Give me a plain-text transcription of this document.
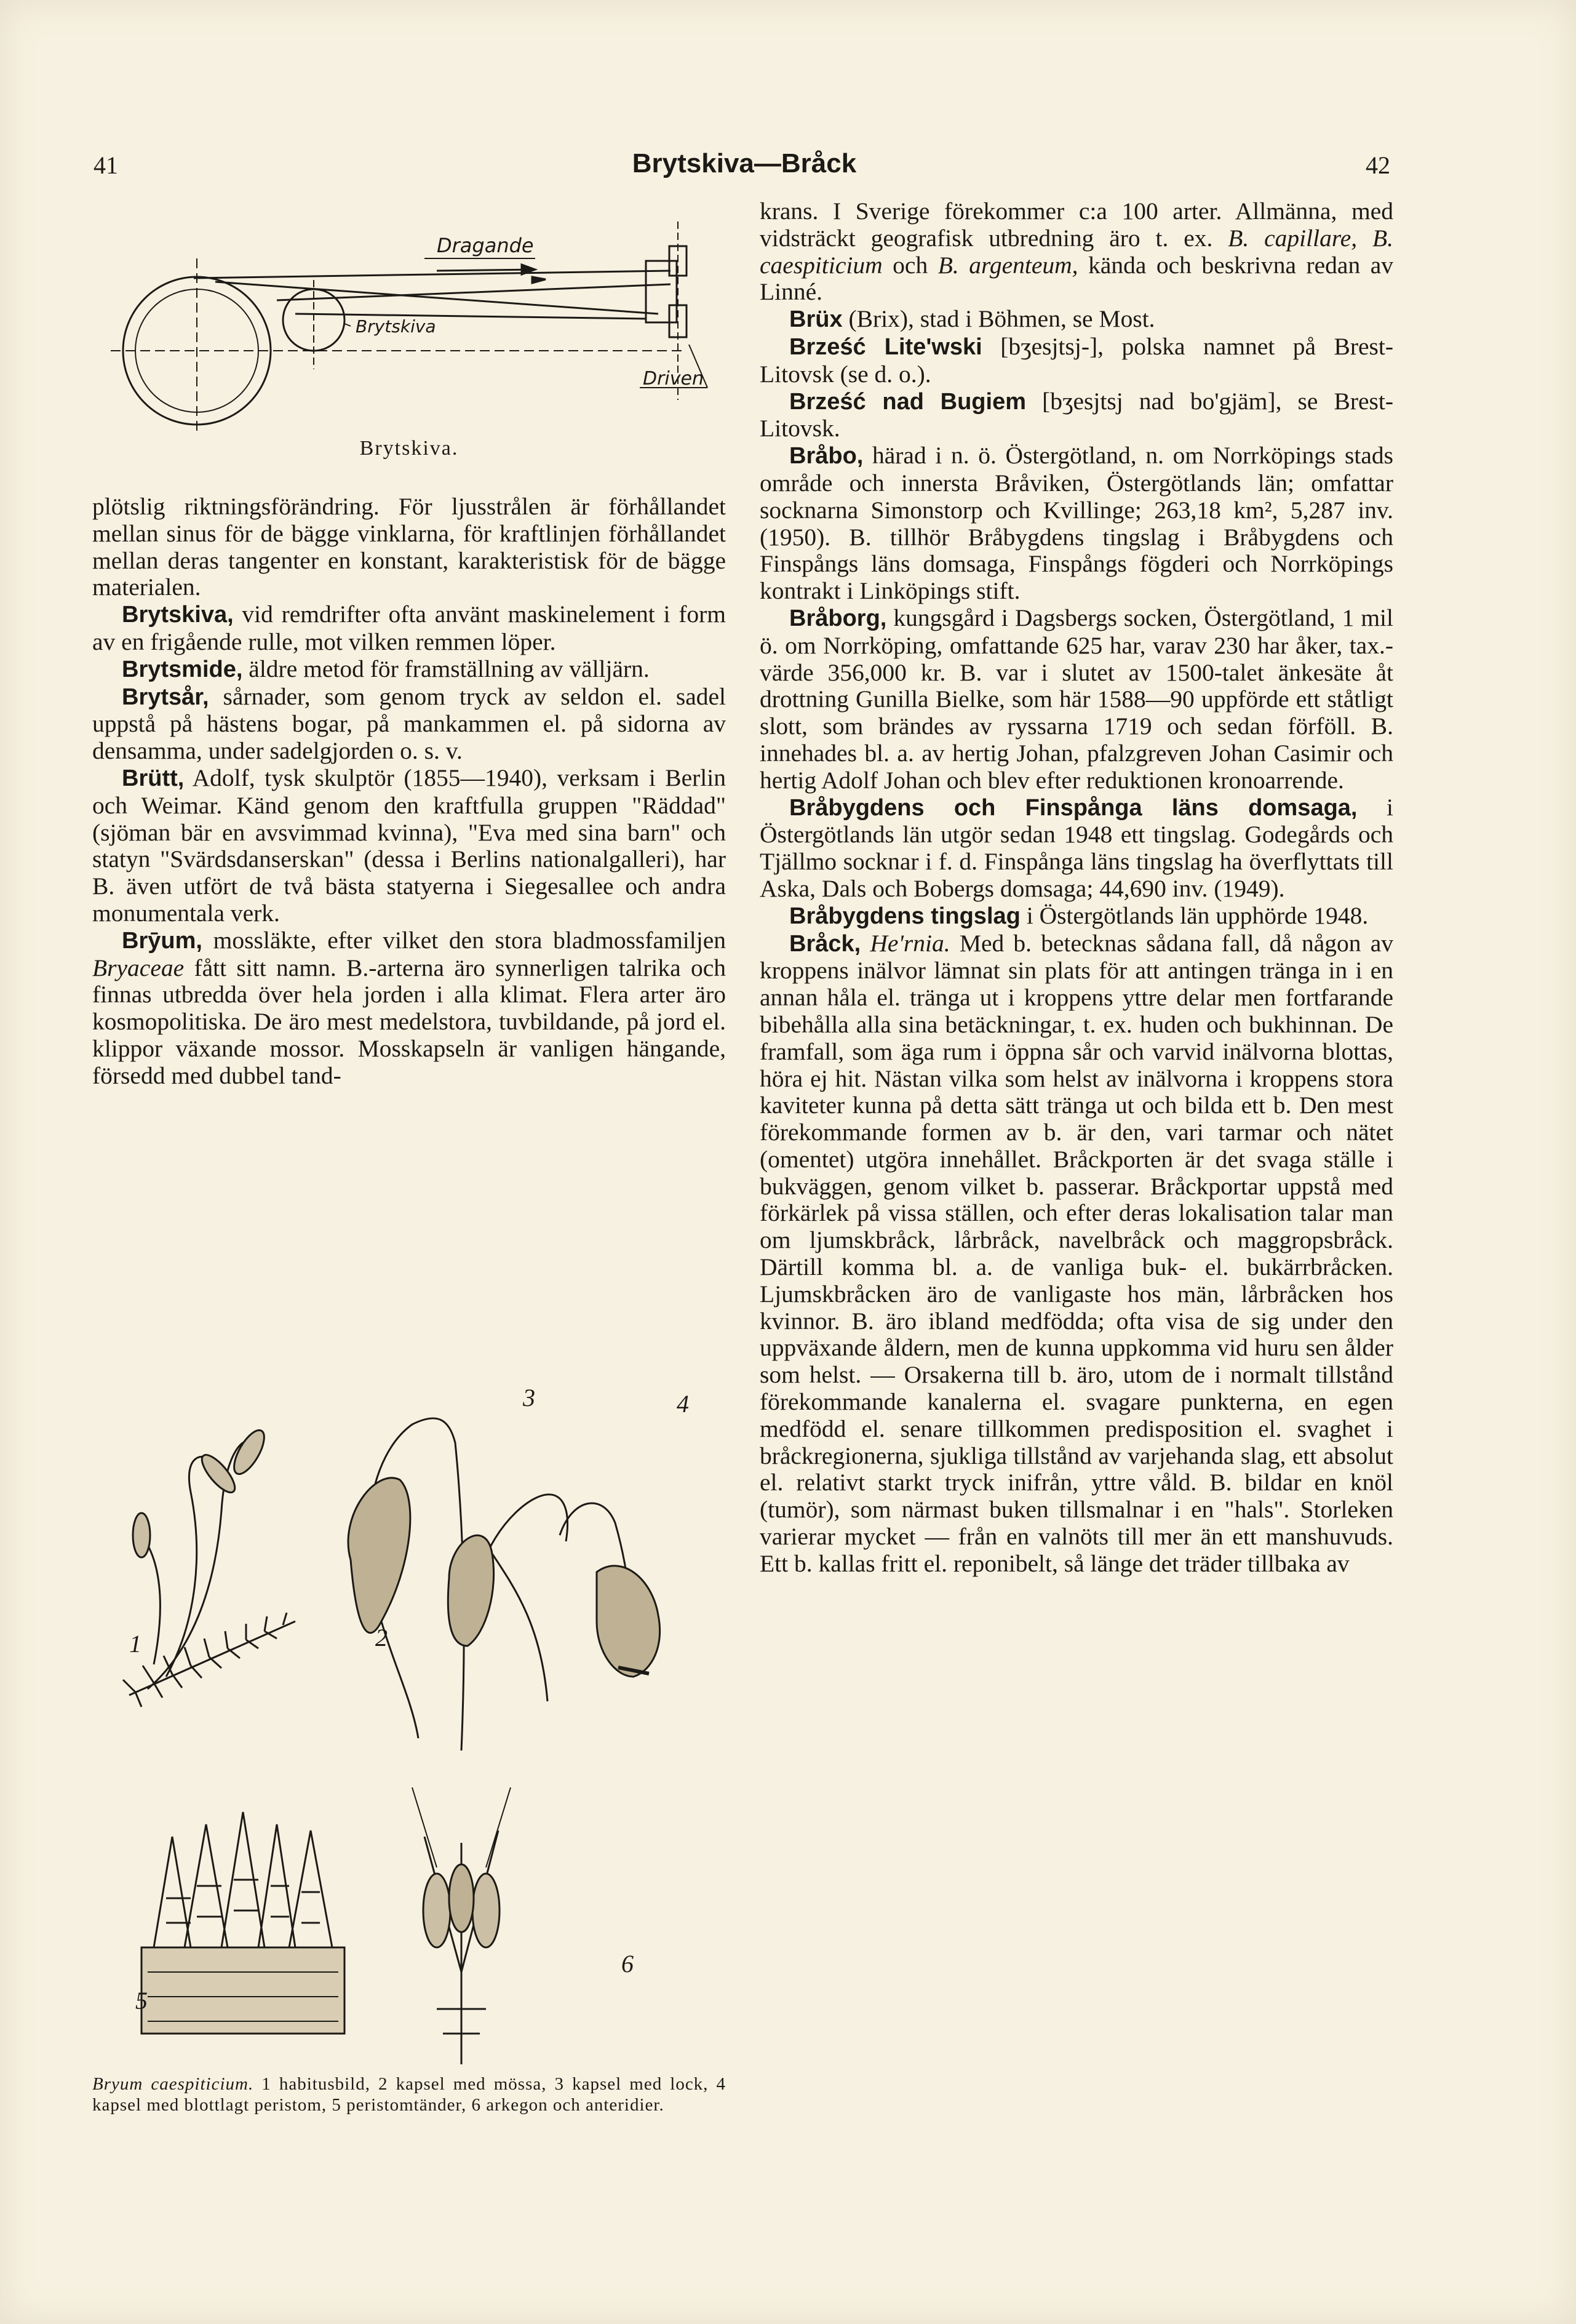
41	Brytskiva—Bråck	42
Dragande
Brytskiva
Driven
Brytskiva.

plötslig riktningsförändring. För ljusstrålen är förhållandet mellan sinus för de bägge vinklarna, för kraftlinjen förhållandet mellan deras tangenter en konstant, karakteristisk för de bägge materialen.

Brytskiva, vid remdrifter ofta använt maskinelement i form av en frigående rulle, mot vilken remmen löper.

Brytsmide, äldre metod för framställning av välljärn.

Brytsår, sårnader, som genom tryck av seldon el. sadel uppstå på hästens bogar, på mankammen el. på sidorna av densamma, under sadelgjorden o. s. v.

Brütt, Adolf, tysk skulptör (1855—1940), verksam i Berlin och Weimar. Känd genom den kraftfulla gruppen "Räddad" (sjöman bär en avsvimmad kvinna), "Eva med sina barn" och statyn "Svärdsdanserskan" (dessa i Berlins nationalgalleri), har B. även utfört de två bästa statyerna i Siegesallee och andra monumentala verk.

Brȳum, mossläkte, efter vilket den stora bladmossfamiljen Bryaceae fått sitt namn. B.-arterna äro synnerligen talrika och finnas utbredda över hela jorden i alla klimat. Flera arter äro kosmopolitiska. De äro mest medelstora, tuvbildande, på jord el. klippor växande mossor. Mosskapseln är vanligen hängande, försedd med dubbel tand-

1	2
3	4
5
6

Bryum caespiticium. 1 habitusbild, 2 kapsel med mössa, 3 kapsel med lock, 4 kapsel med blottlagt peristom, 5 peristomtänder, 6 arkegon och anteridier.

krans. I Sverige förekommer c:a 100 arter. Allmänna, med vidsträckt geografisk utbredning äro t. ex. B. capillare, B. caespiticium och B. argenteum, kända och beskrivna redan av Linné.

Brüx (Brix), stad i Böhmen, se Most.

Brześć Lite'wski [bʒesjtsj-], polska namnet på Brest-Litovsk (se d. o.).

Brześć nad Bugiem [bʒesjtsj nad bo'gjäm], se Brest-Litovsk.

Bråbo, härad i n. ö. Östergötland, n. om Norrköpings stads område och innersta Bråviken, Östergötlands län; omfattar socknarna Simonstorp och Kvillinge; 263,18 km², 5,287 inv. (1950). B. tillhör Bråbygdens tingslag i Bråbygdens och Finspångs läns domsaga, Finspångs fögderi och Norrköpings kontrakt i Linköpings stift.

Bråborg, kungsgård i Dagsbergs socken, Östergötland, 1 mil ö. om Norrköping, omfattande 625 har, varav 230 har åker, tax.-värde 356,000 kr. B. var i slutet av 1500-talet änkesäte åt drottning Gunilla Bielke, som här 1588—90 uppförde ett ståtligt slott, som brändes av ryssarna 1719 och sedan förföll. B. innehades bl. a. av hertig Johan, pfalzgreven Johan Casimir och hertig Adolf Johan och blev efter reduktionen kronoarrende.

Bråbygdens och Finspånga läns domsaga, i Östergötlands län utgör sedan 1948 ett tingslag. Godegårds och Tjällmo socknar i f. d. Finspånga läns tingslag ha överflyttats till Aska, Dals och Bobergs domsaga; 44,690 inv. (1949).

Bråbygdens tingslag i Östergötlands län upphörde 1948.

Bråck, He'rnia. Med b. betecknas sådana fall, då någon av kroppens inälvor lämnat sin plats för att antingen tränga in i en annan håla el. tränga ut i kroppens yttre delar men fortfarande bibehålla alla sina betäckningar, t. ex. huden och bukhinnan. De framfall, som äga rum i öppna sår och varvid inälvorna blottas, höra ej hit. Nästan vilka som helst av inälvorna i kroppens stora kaviteter kunna på detta sätt tränga ut och bilda ett b. Den mest förekommande formen av b. är den, vari tarmar och nätet (omentet) utgöra innehållet. Bråckporten är det svaga ställe i bukväggen, genom vilket b. passerar. Bråckportar uppstå med förkärlek på vissa ställen, och efter deras lokalisation talar man om ljumskbråck, lårbråck, navelbråck och maggropsbråck. Därtill komma bl. a. de vanliga buk- el. bukärrbråcken. Ljumskbråcken äro de vanligaste hos män, lårbråcken hos kvinnor. B. äro ibland medfödda; ofta visa de sig under den uppväxande åldern, men de kunna uppkomma vid huru sen ålder som helst. — Orsakerna till b. äro, utom de i normalt tillstånd förekommande kanalerna el. svagare punkterna, en egen medfödd el. senare tillkommen predisposition el. svaghet i bråckregionerna, sjukliga tillstånd av varjehanda slag, ett absolut el. relativt starkt tryck inifrån, yttre våld. B. bildar en knöl (tumör), som närmast buken tillsmalnar i en "hals". Storleken varierar mycket — från en valnöts till mer än ett manshuvuds. Ett b. kallas fritt el. reponibelt, så länge det träder tillbaka av
